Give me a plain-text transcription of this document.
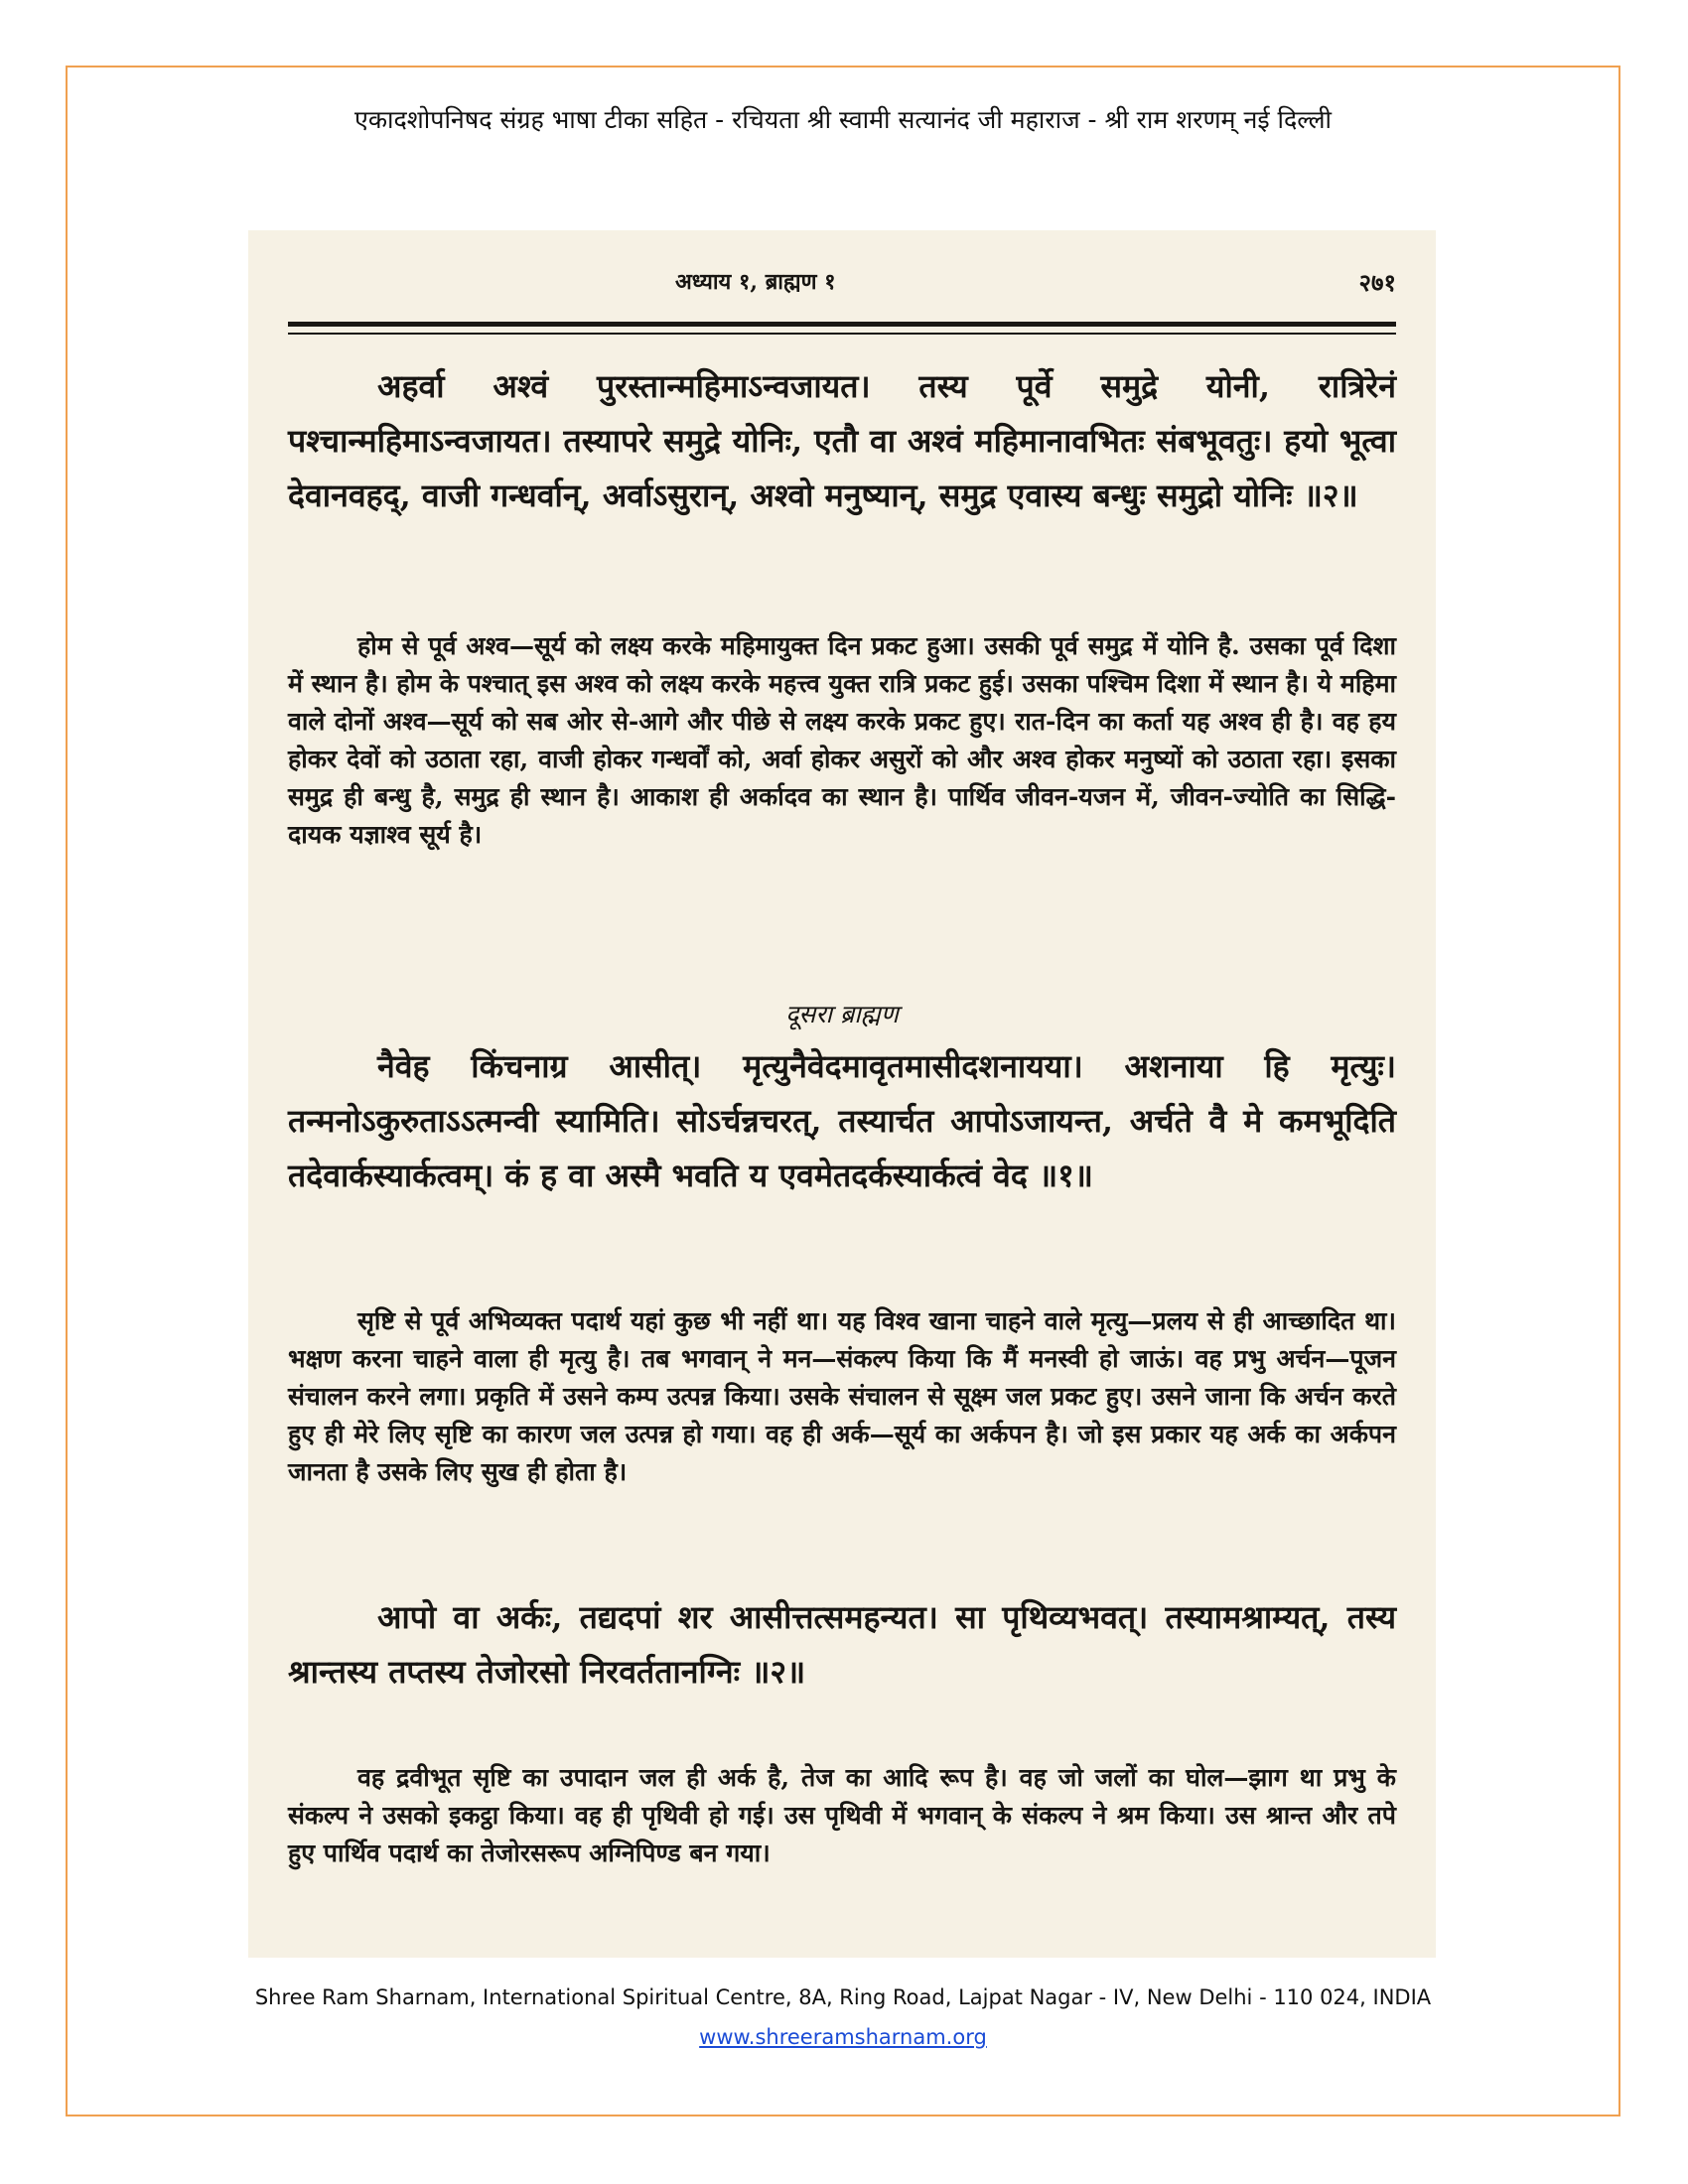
एकादशोपनिषद संग्रह भाषा टीका सहित - रचियता श्री स्वामी सत्यानंद जी महाराज - श्री राम शरणम् नई दिल्ली
अध्याय १, ब्राह्मण १	२७१
अहर्वा अश्वं पुरस्तान्महिमाऽन्वजायत। तस्य पूर्वे समुद्रे योनी, रात्रिरेनं पश्चान्महिमाऽन्वजायत। तस्यापरे समुद्रे योनिः, एतौ वा अश्वं महिमानावभितः संबभूवतुः। हयो भूत्वा देवानवहद्, वाजी गन्धर्वान्, अर्वाऽसुरान्, अश्वो मनुष्यान्, समुद्र एवास्य बन्धुः समुद्रो योनिः ॥२॥
होम से पूर्व अश्व—सूर्य को लक्ष्य करके महिमायुक्त दिन प्रकट हुआ। उसकी पूर्व समुद्र में योनि है. उसका पूर्व दिशा में स्थान है। होम के पश्चात् इस अश्व को लक्ष्य करके महत्त्व युक्त रात्रि प्रकट हुई। उसका पश्चिम दिशा में स्थान है। ये महिमा वाले दोनों अश्व—सूर्य को सब ओर से-आगे और पीछे से लक्ष्य करके प्रकट हुए। रात-दिन का कर्ता यह अश्व ही है। वह हय होकर देवों को उठाता रहा, वाजी होकर गन्धर्वों को, अर्वा होकर असुरों को और अश्व होकर मनुष्यों को उठाता रहा। इसका समुद्र ही बन्धु है, समुद्र ही स्थान है। आकाश ही अर्कादव का स्थान है। पार्थिव जीवन-यजन में, जीवन-ज्योति का सिद्धि-दायक यज्ञाश्व सूर्य है।
दूसरा ब्राह्मण
नैवेह किंचनाग्र आसीत्। मृत्युनैवेदमावृतमासीदशनायया। अशनाया हि मृत्युः। तन्मनोऽकुरुताऽऽत्मन्वी स्यामिति। सोऽर्चन्नचरत्, तस्यार्चत आपोऽजायन्त, अर्चते वै मे कमभूदिति तदेवार्कस्यार्कत्वम्। कं ह वा अस्मै भवति य एवमेतदर्कस्यार्कत्वं वेद ॥१॥
सृष्टि से पूर्व अभिव्यक्त पदार्थ यहां कुछ भी नहीं था। यह विश्व खाना चाहने वाले मृत्यु—प्रलय से ही आच्छादित था। भक्षण करना चाहने वाला ही मृत्यु है। तब भगवान् ने मन—संकल्प किया कि मैं मनस्वी हो जाऊं। वह प्रभु अर्चन—पूजन संचालन करने लगा। प्रकृति में उसने कम्प उत्पन्न किया। उसके संचालन से सूक्ष्म जल प्रकट हुए। उसने जाना कि अर्चन करते हुए ही मेरे लिए सृष्टि का कारण जल उत्पन्न हो गया। वह ही अर्क—सूर्य का अर्कपन है। जो इस प्रकार यह अर्क का अर्कपन जानता है उसके लिए सुख ही होता है।
आपो वा अर्कः, तद्यदपां शर आसीत्तत्समहन्यत। सा पृथिव्यभवत्। तस्यामश्राम्यत्, तस्य श्रान्तस्य तप्तस्य तेजोरसो निरवर्ततानग्निः ॥२॥
वह द्रवीभूत सृष्टि का उपादान जल ही अर्क है, तेज का आदि रूप है। वह जो जलों का घोल—झाग था प्रभु के संकल्प ने उसको इकट्ठा किया। वह ही पृथिवी हो गई। उस पृथिवी में भगवान् के संकल्प ने श्रम किया। उस श्रान्त और तपे हुए पार्थिव पदार्थ का तेजोरसरूप अग्निपिण्ड बन गया।
Shree Ram Sharnam, International Spiritual Centre, 8A, Ring Road, Lajpat Nagar - IV, New Delhi - 110 024, INDIA
www.shreeramsharnam.org
